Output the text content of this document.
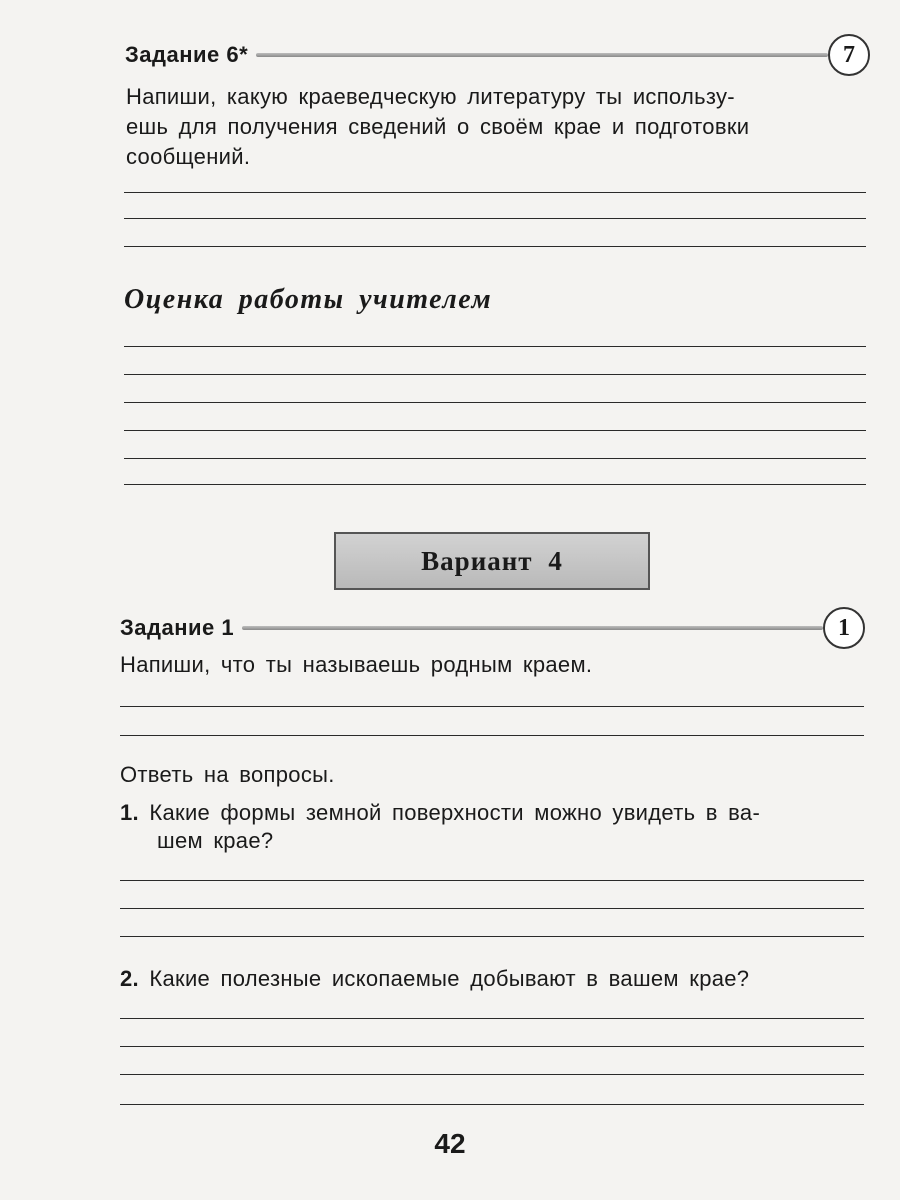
Задание 6*	7
Напиши, какую краеведческую литературу ты использу-
ешь для получения сведений о своём крае и подготовки
сообщений.
Оценка работы учителем
Вариант 4
Задание 1	1
Напиши, что ты называешь родным краем.
Ответь на вопросы.
1. Какие формы земной поверхности можно увидеть в ва-
шем крае?
2. Какие полезные ископаемые добывают в вашем крае?
42
